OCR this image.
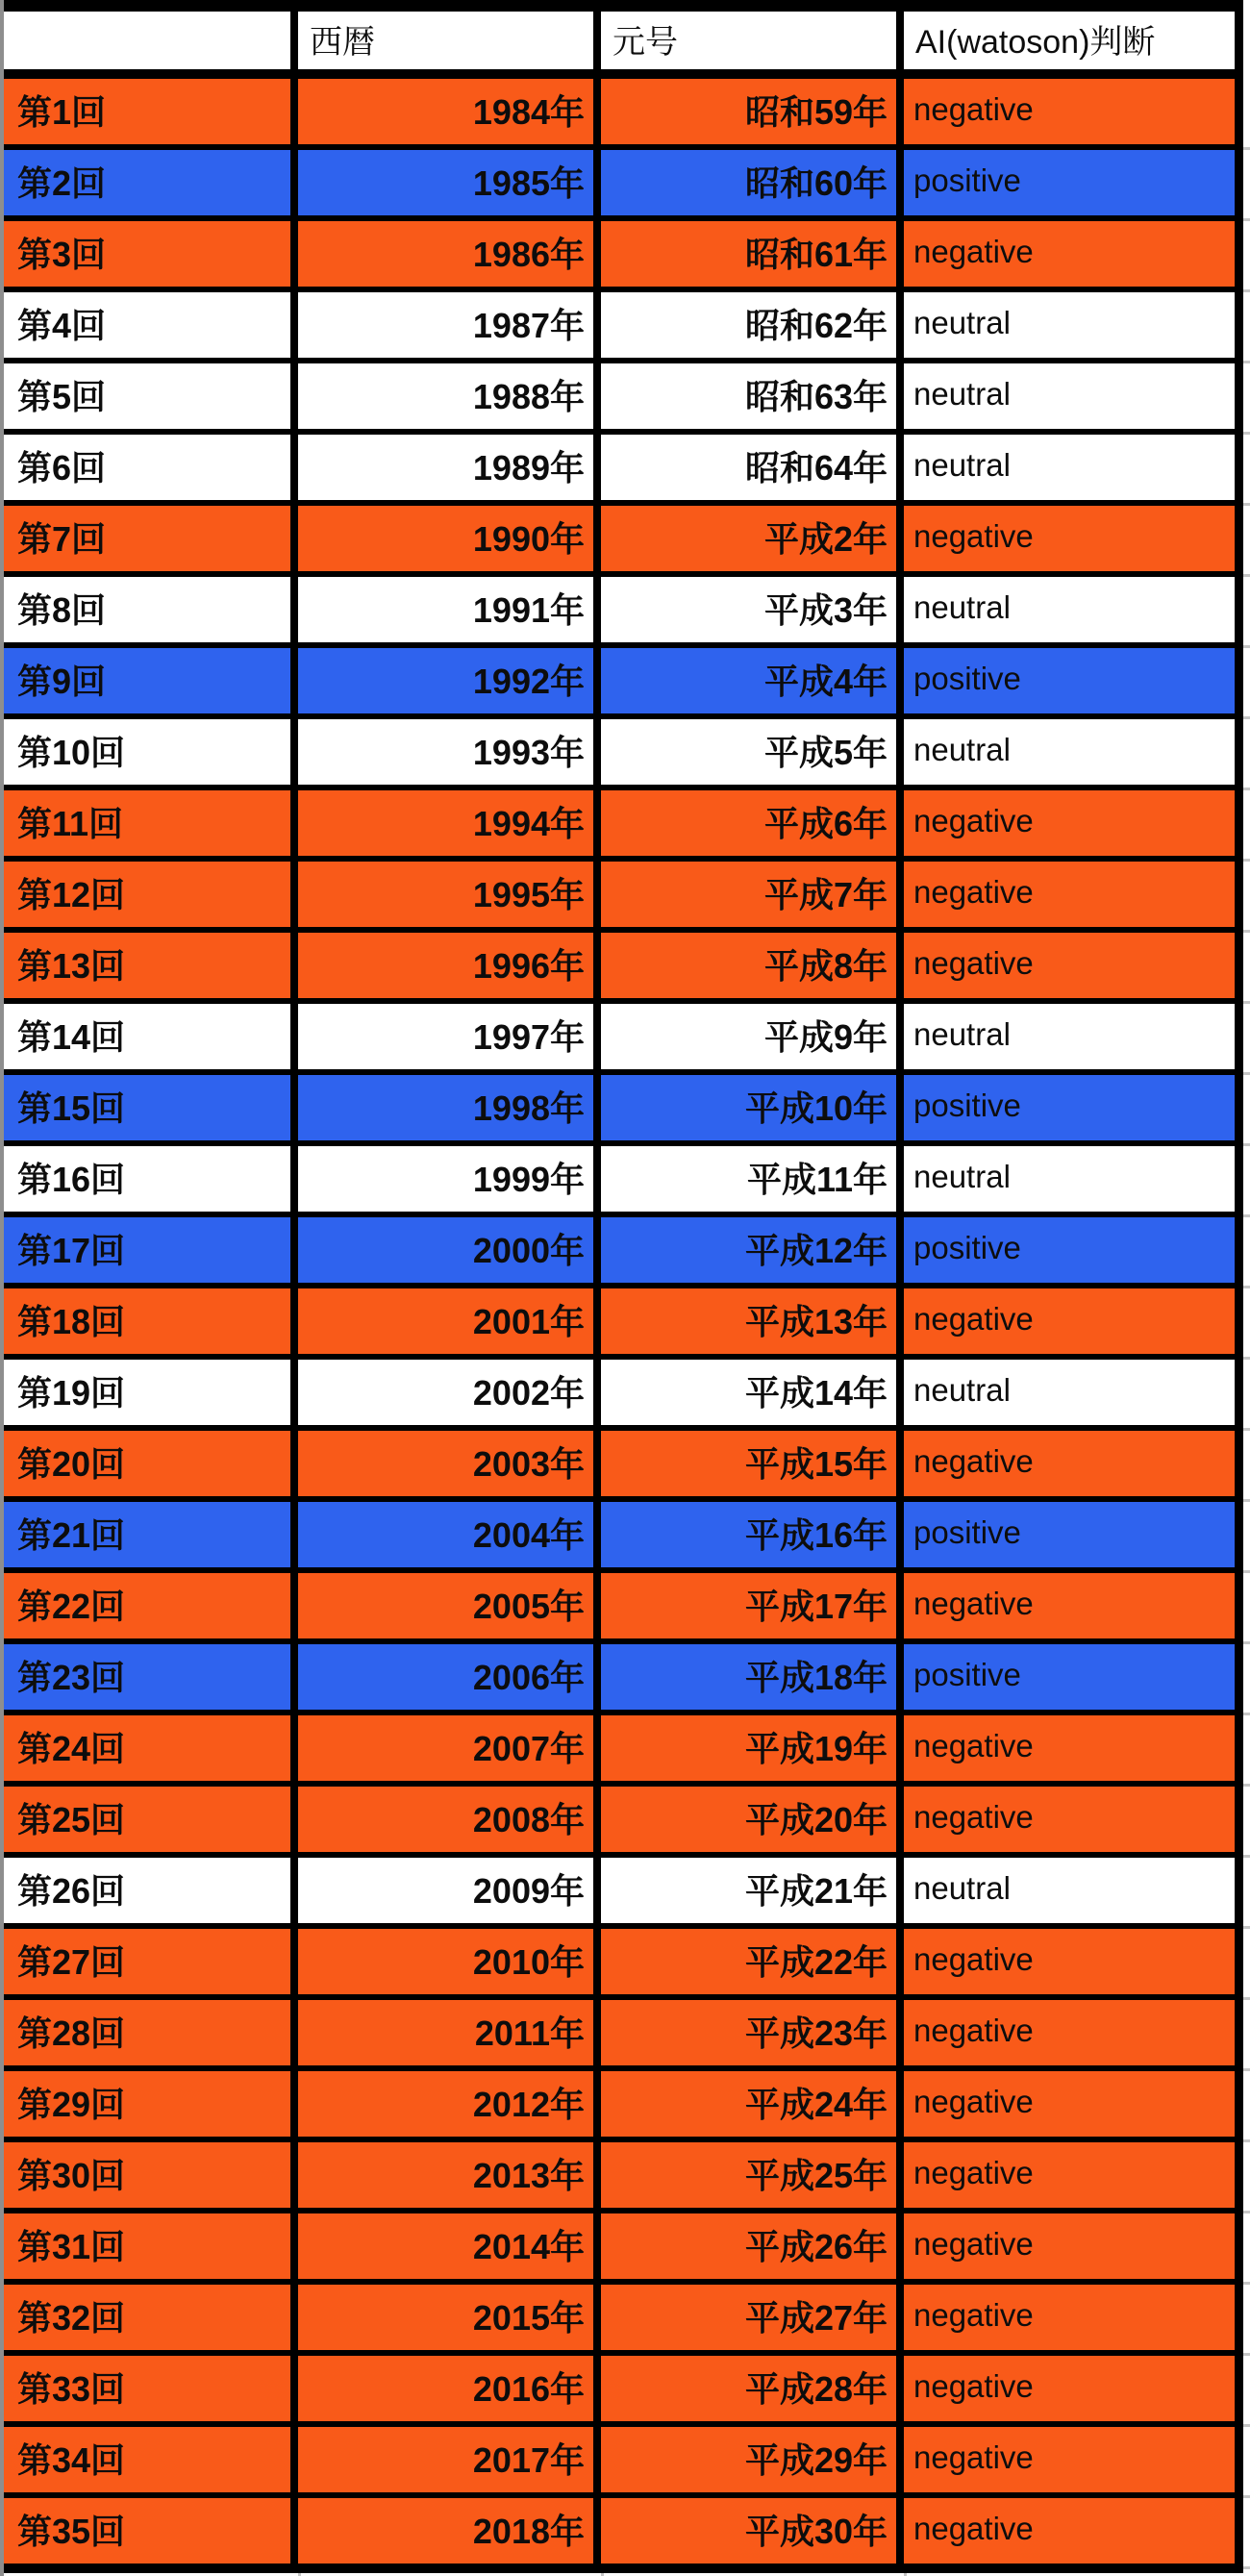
	西暦	元号	AI(watoson)判断
第1回	1984年	昭和59年	negative
第2回	1985年	昭和60年	positive
第3回	1986年	昭和61年	negative
第4回	1987年	昭和62年	neutral
第5回	1988年	昭和63年	neutral
第6回	1989年	昭和64年	neutral
第7回	1990年	平成2年	negative
第8回	1991年	平成3年	neutral
第9回	1992年	平成4年	positive
第10回	1993年	平成5年	neutral
第11回	1994年	平成6年	negative
第12回	1995年	平成7年	negative
第13回	1996年	平成8年	negative
第14回	1997年	平成9年	neutral
第15回	1998年	平成10年	positive
第16回	1999年	平成11年	neutral
第17回	2000年	平成12年	positive
第18回	2001年	平成13年	negative
第19回	2002年	平成14年	neutral
第20回	2003年	平成15年	negative
第21回	2004年	平成16年	positive
第22回	2005年	平成17年	negative
第23回	2006年	平成18年	positive
第24回	2007年	平成19年	negative
第25回	2008年	平成20年	negative
第26回	2009年	平成21年	neutral
第27回	2010年	平成22年	negative
第28回	2011年	平成23年	negative
第29回	2012年	平成24年	negative
第30回	2013年	平成25年	negative
第31回	2014年	平成26年	negative
第32回	2015年	平成27年	negative
第33回	2016年	平成28年	negative
第34回	2017年	平成29年	negative
第35回	2018年	平成30年	negative
